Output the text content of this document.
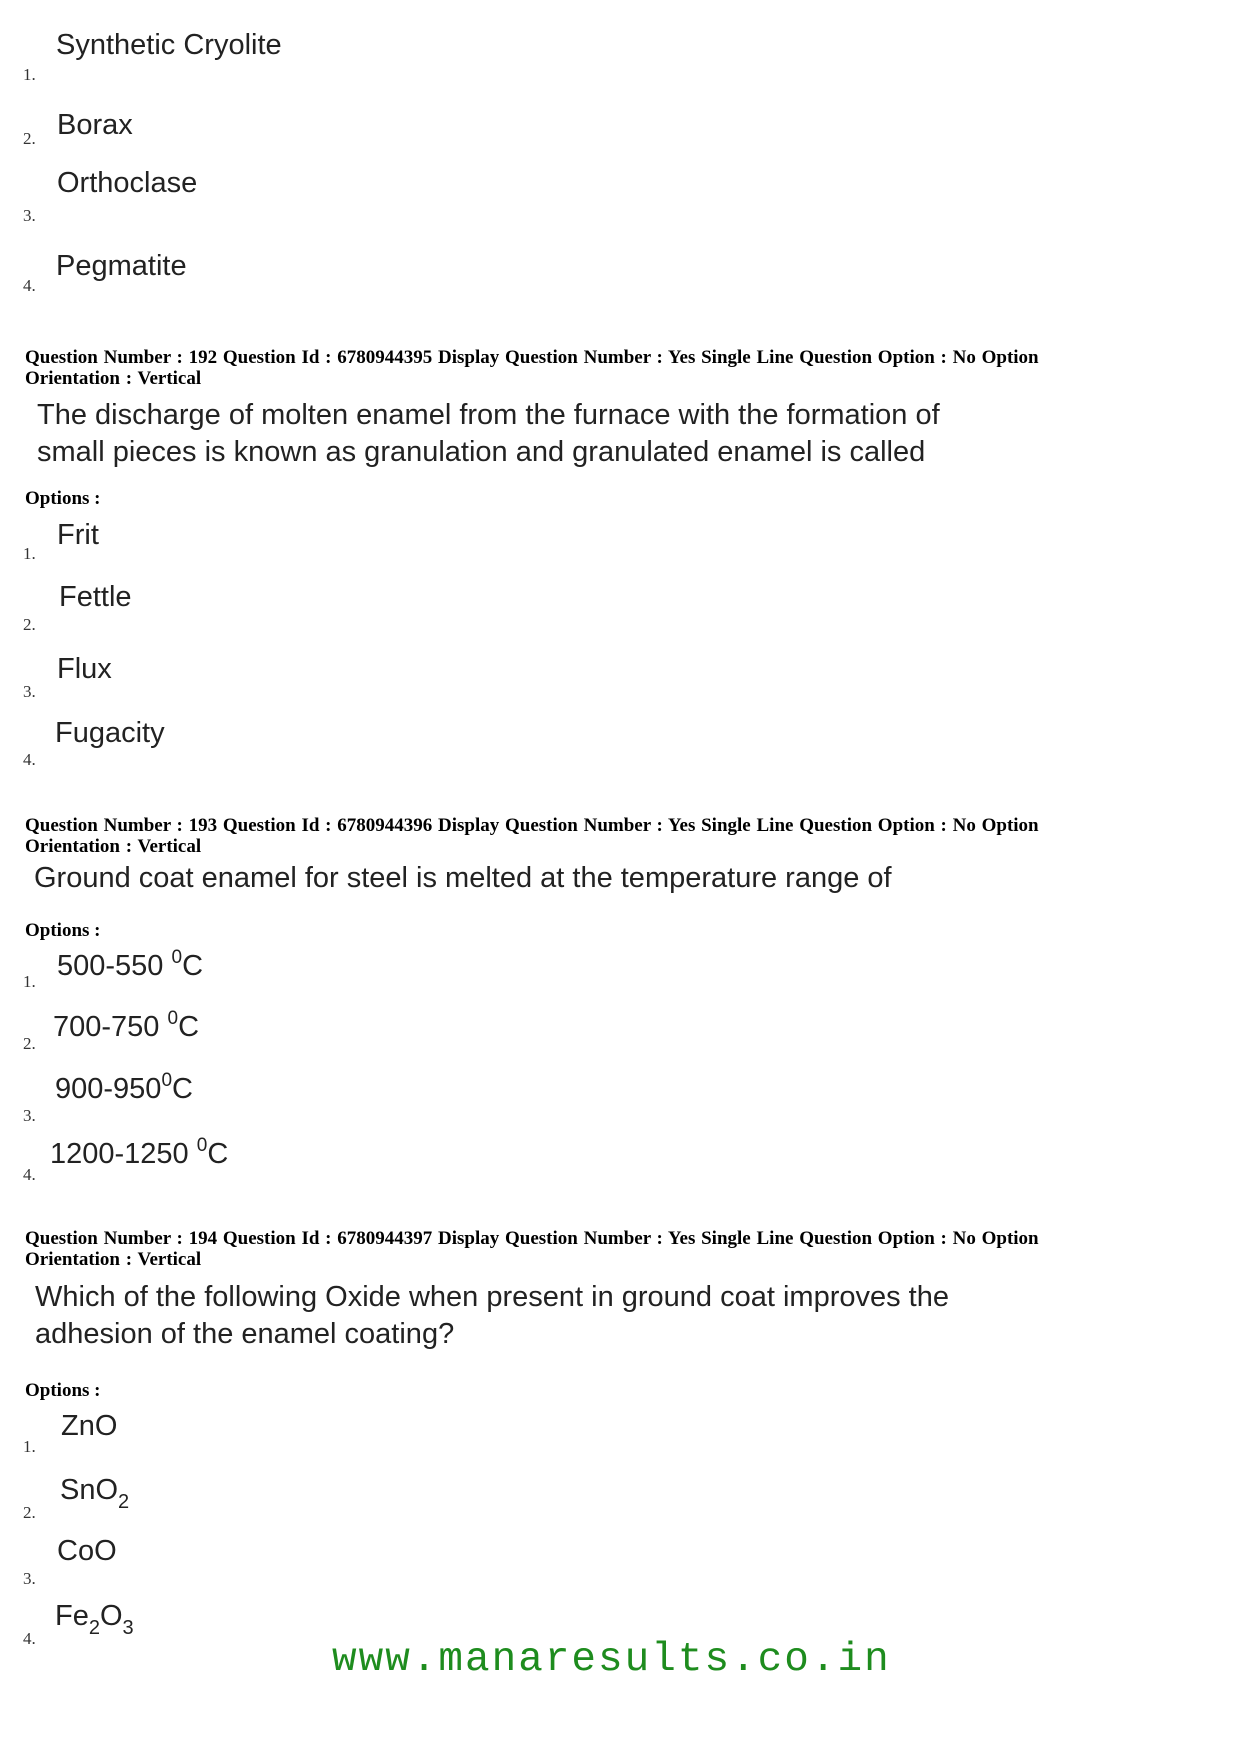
Synthetic Cryolite
1.
Borax
2.
Orthoclase
3.
Pegmatite
4.
Question Number : 192 Question Id : 6780944395 Display Question Number : Yes Single Line Question Option : No Option
Orientation : Vertical
The discharge of molten enamel from the furnace with the formation of
small pieces is known as granulation and granulated enamel is called
Options :
Frit
1.
Fettle
2.
Flux
3.
Fugacity
4.
Question Number : 193 Question Id : 6780944396 Display Question Number : Yes Single Line Question Option : No Option
Orientation : Vertical
Ground coat enamel for steel is melted at the temperature range of
Options :
500-550 $^0$C
1.
700-750 $^0$C
2.
$900-950^0C$
3.
1200-1250 $^0$C
4.
Question Number : 194 Question Id : 6780944397 Display Question Number : Yes Single Line Question Option : No Option
Orientation : Vertical
Which of the following Oxide when present in ground coat improves the
adhesion of the enamel coating?
Options :
ZnO
1.
SnO$_2$
2.
CoO
3.
$Fe_2O_3$
4.	www.manaresults.co.in
